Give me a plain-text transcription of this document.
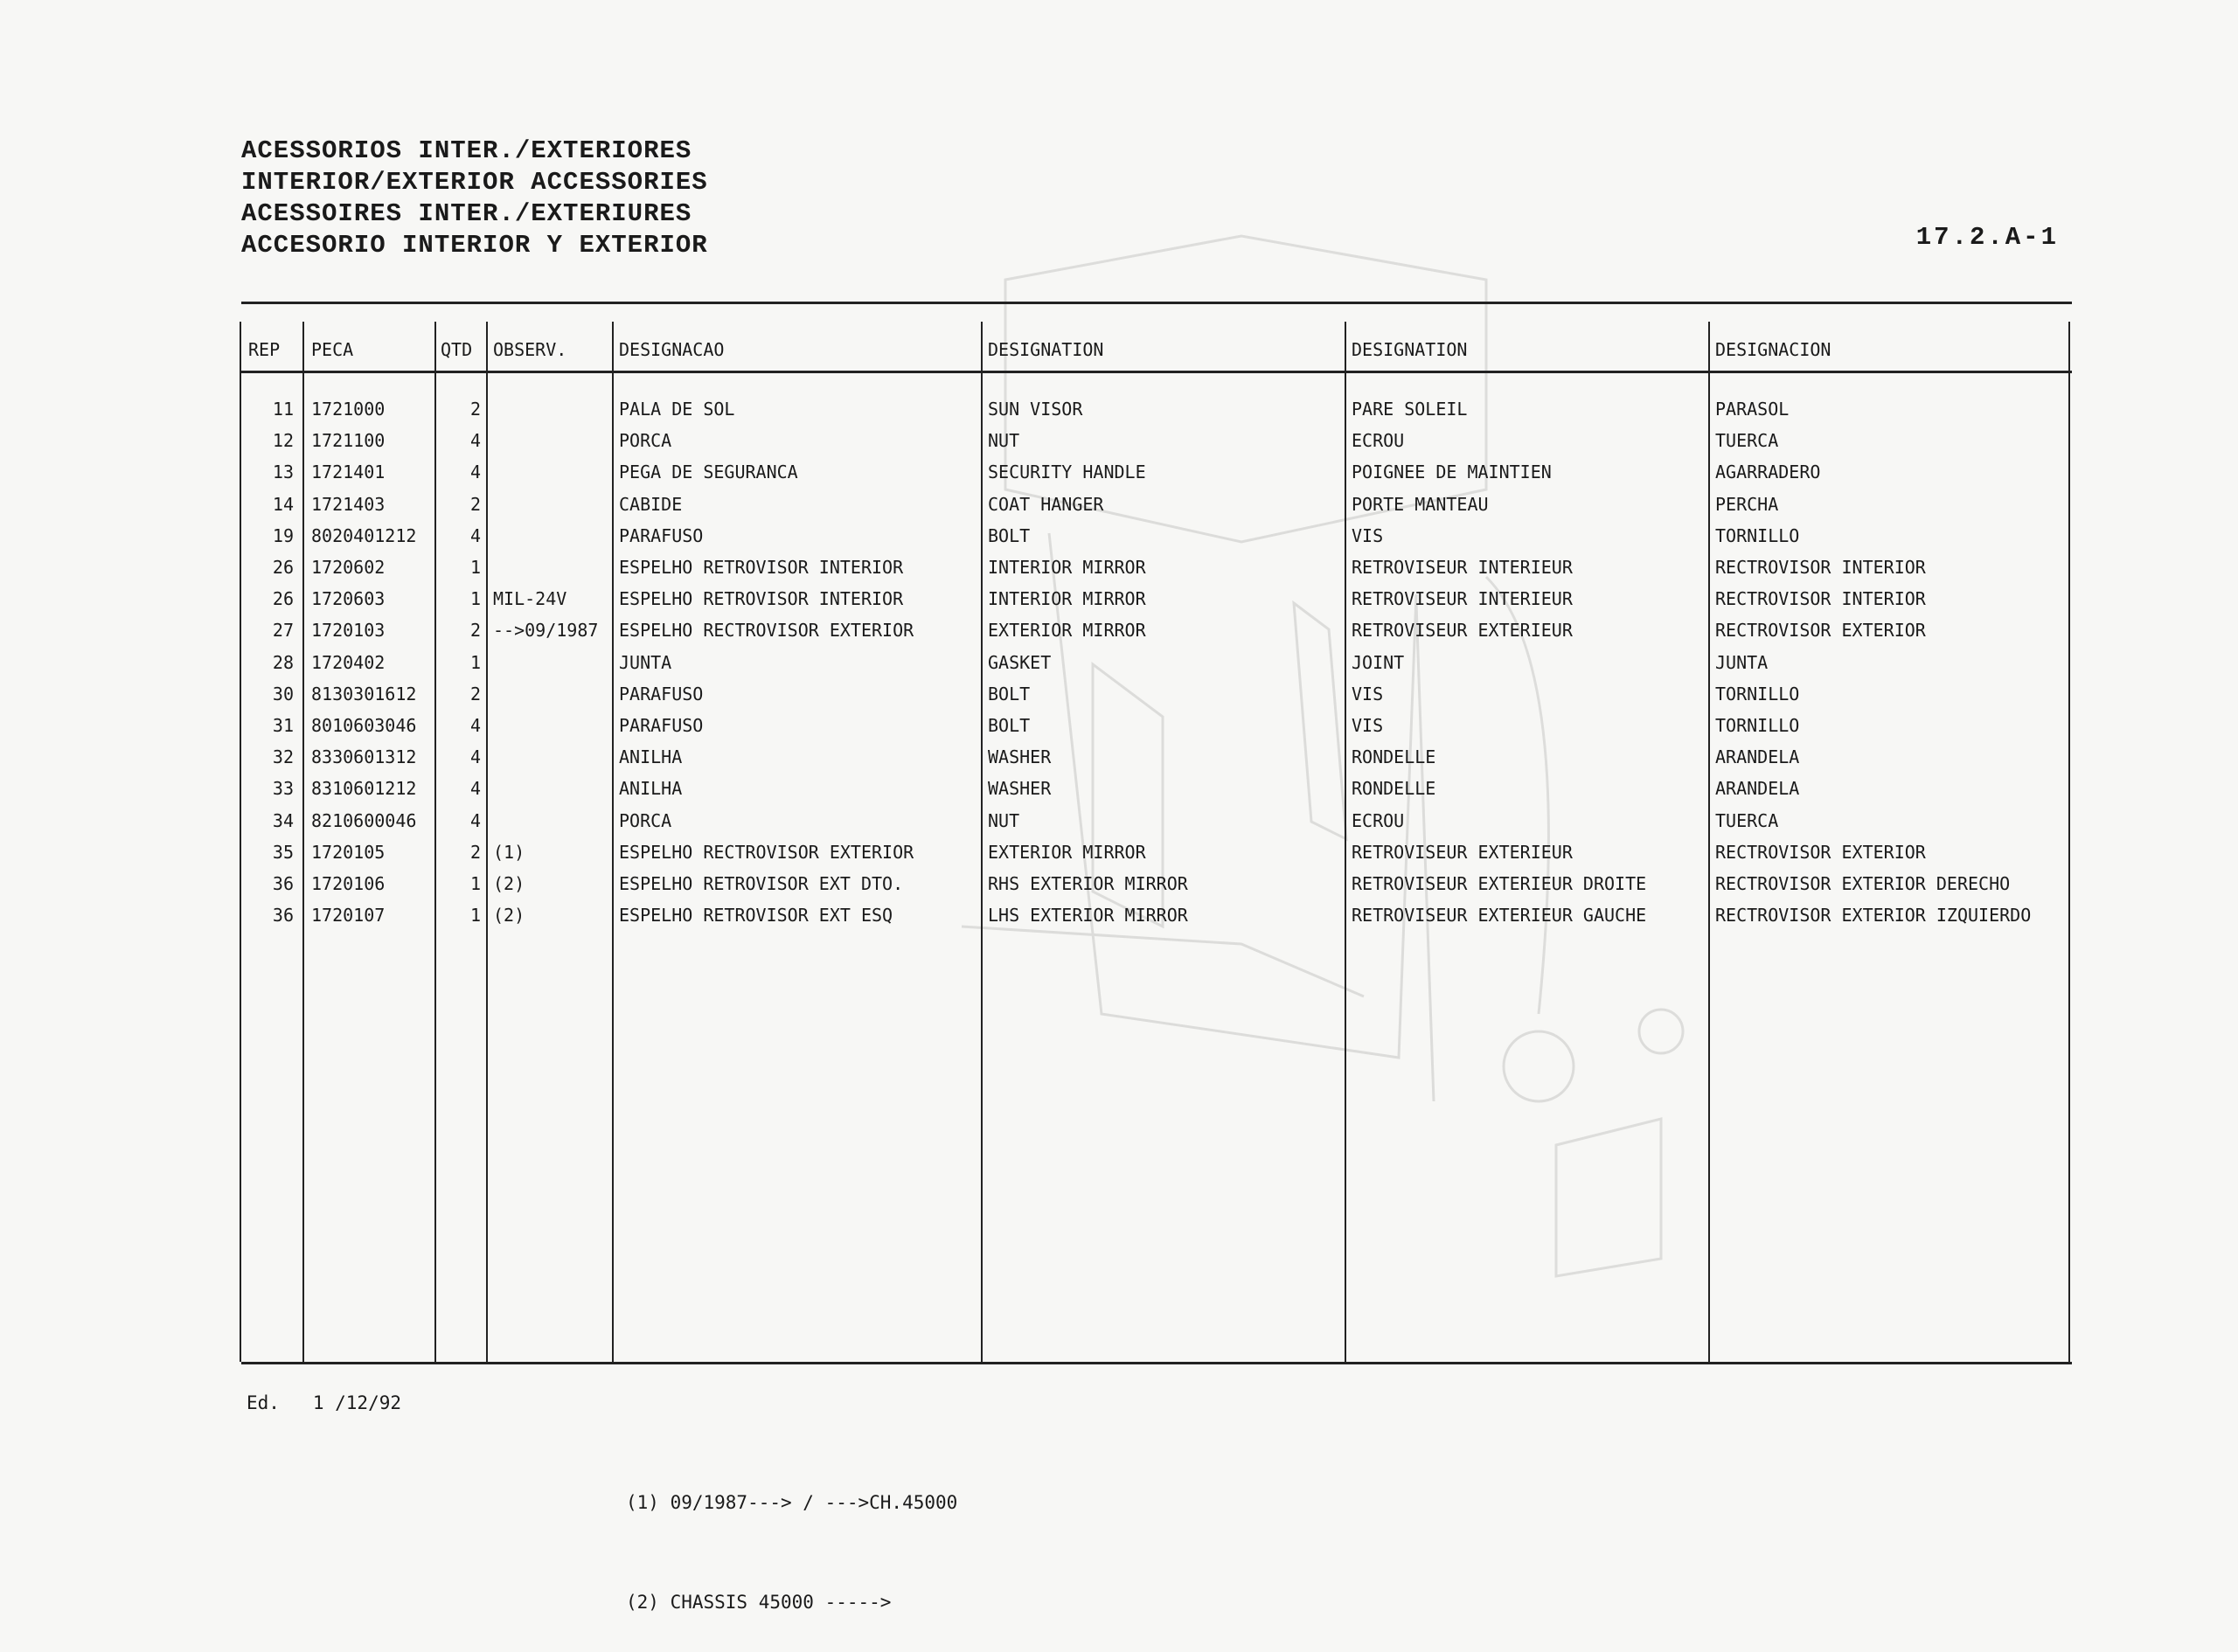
ACESSORIOS INTER./EXTERIORES
INTERIOR/EXTERIOR ACCESSORIES
ACESSOIRES INTER./EXTERIURES
ACCESORIO INTERIOR Y EXTERIOR	17.2.A-1
REP PECA	QTD OBSERV.	DESIGNACAO	DESIGNATION	DESIGNATION	DESIGNACION
11 1721000	2	PALA DE SOL	SUN VISOR	PARE SOLEIL	PARASOL
12 1721100	4	PORCA	NUT	ECROU	TUERCA
13 1721401	4	PEGA DE SEGURANCA	SECURITY HANDLE	POIGNEE DE MAINTIEN	AGARRADERO
14 1721403	2	CABIDE	COAT HANGER	PORTE MANTEAU	PERCHA
19 8020401212	4	PARAFUSO	BOLT	VIS	TORNILLO
26 1720602	1	ESPELHO RETROVISOR INTERIOR	INTERIOR MIRROR	RETROVISEUR INTERIEUR	RECTROVISOR INTERIOR
26 1720603	1 MIL-24V	ESPELHO RETROVISOR INTERIOR	INTERIOR MIRROR	RETROVISEUR INTERIEUR	RECTROVISOR INTERIOR
27 1720103	2 -->09/1987	ESPELHO RECTROVISOR EXTERIOR	EXTERIOR MIRROR	RETROVISEUR EXTERIEUR	RECTROVISOR EXTERIOR
28 1720402	1	JUNTA	GASKET	JOINT	JUNTA
30 8130301612	2	PARAFUSO	BOLT	VIS	TORNILLO
31 8010603046	4	PARAFUSO	BOLT	VIS	TORNILLO
32 8330601312	4	ANILHA	WASHER	RONDELLE	ARANDELA
33 8310601212	4	ANILHA	WASHER	RONDELLE	ARANDELA
34 8210600046	4	PORCA	NUT	ECROU	TUERCA
35 1720105	2 (1)	ESPELHO RECTROVISOR EXTERIOR	EXTERIOR MIRROR	RETROVISEUR EXTERIEUR	RECTROVISOR EXTERIOR
36 1720106	1 (2)	ESPELHO RETROVISOR EXT DTO.	RHS EXTERIOR MIRROR	RETROVISEUR EXTERIEUR DROITE	RECTROVISOR EXTERIOR DERECHO
36 1720107	1 (2)	ESPELHO RETROVISOR EXT ESQ	LHS EXTERIOR MIRROR	RETROVISEUR EXTERIEUR GAUCHE	RECTROVISOR EXTERIOR IZQUIERDO
Ed.   1 /12/92

(1) 09/1987---> / --->CH.45000

(2) CHASSIS 45000 ----->
